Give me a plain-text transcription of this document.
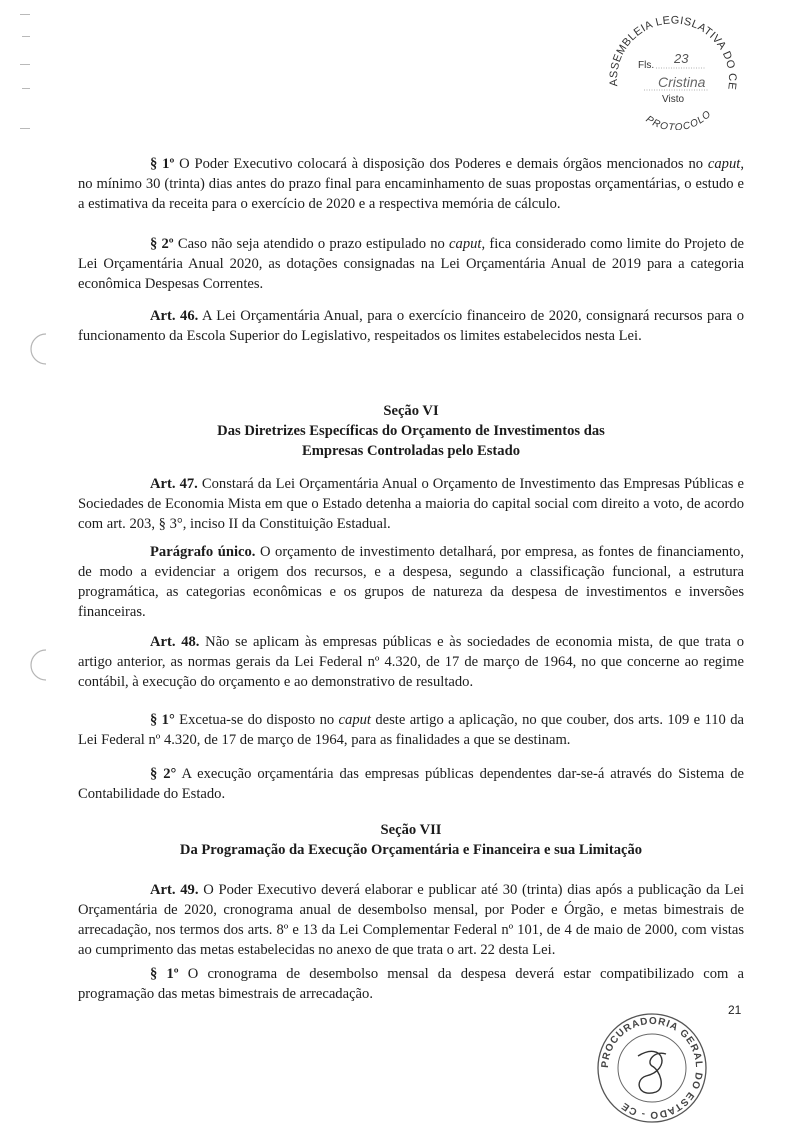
ASSEMBLEIA LEGISLATIVA DO CE
PROTOCOLO
Fls. 23
Cristina
Visto

§ 1º O Poder Executivo colocará à disposição dos Poderes e demais órgãos mencionados no caput, no mínimo 30 (trinta) dias antes do prazo final para encaminhamento de suas propostas orçamentárias, o estudo e a estimativa da receita para o exercício de 2020 e a respectiva memória de cálculo.

§ 2º Caso não seja atendido o prazo estipulado no caput, fica considerado como limite do Projeto de Lei Orçamentária Anual 2020, as dotações consignadas na Lei Orçamentária Anual de 2019 para a categoria econômica Despesas Correntes.

Art. 46. A Lei Orçamentária Anual, para o exercício financeiro de 2020, consignará recursos para o funcionamento da Escola Superior do Legislativo, respeitados os limites estabelecidos nesta Lei.

Seção VI
Das Diretrizes Específicas do Orçamento de Investimentos das
Empresas Controladas pelo Estado

Art. 47. Constará da Lei Orçamentária Anual o Orçamento de Investimento das Empresas Públicas e Sociedades de Economia Mista em que o Estado detenha a maioria do capital social com direito a voto, de acordo com art. 203, § 3°, inciso II da Constituição Estadual.

Parágrafo único. O orçamento de investimento detalhará, por empresa, as fontes de financiamento, de modo a evidenciar a origem dos recursos, e a despesa, segundo a classificação funcional, a estrutura programática, as categorias econômicas e os grupos de natureza da despesa de investimentos e inversões financeiras.

Art. 48. Não se aplicam às empresas públicas e às sociedades de economia mista, de que trata o artigo anterior, as normas gerais da Lei Federal nº 4.320, de 17 de março de 1964, no que concerne ao regime contábil, à execução do orçamento e ao demonstrativo de resultado.

§ 1° Excetua-se do disposto no caput deste artigo a aplicação, no que couber, dos arts. 109 e 110 da Lei Federal nº 4.320, de 17 de março de 1964, para as finalidades a que se destinam.

§ 2° A execução orçamentária das empresas públicas dependentes dar-se-á através do Sistema de Contabilidade do Estado.

Seção VII
Da Programação da Execução Orçamentária e Financeira e sua Limitação

Art. 49. O Poder Executivo deverá elaborar e publicar até 30 (trinta) dias após a publicação da Lei Orçamentária de 2020, cronograma anual de desembolso mensal, por Poder e Órgão, e metas bimestrais de arrecadação, nos termos dos arts. 8º e 13 da Lei Complementar Federal nº 101, de 4 de maio de 2000, com vistas ao cumprimento das metas estabelecidas no anexo de que trata o art. 22 desta Lei.

§ 1º O cronograma de desembolso mensal da despesa deverá estar compatibilizado com a programação das metas bimestrais de arrecadação.

21
PROCURADORIA GERAL DO ESTADO - CE
